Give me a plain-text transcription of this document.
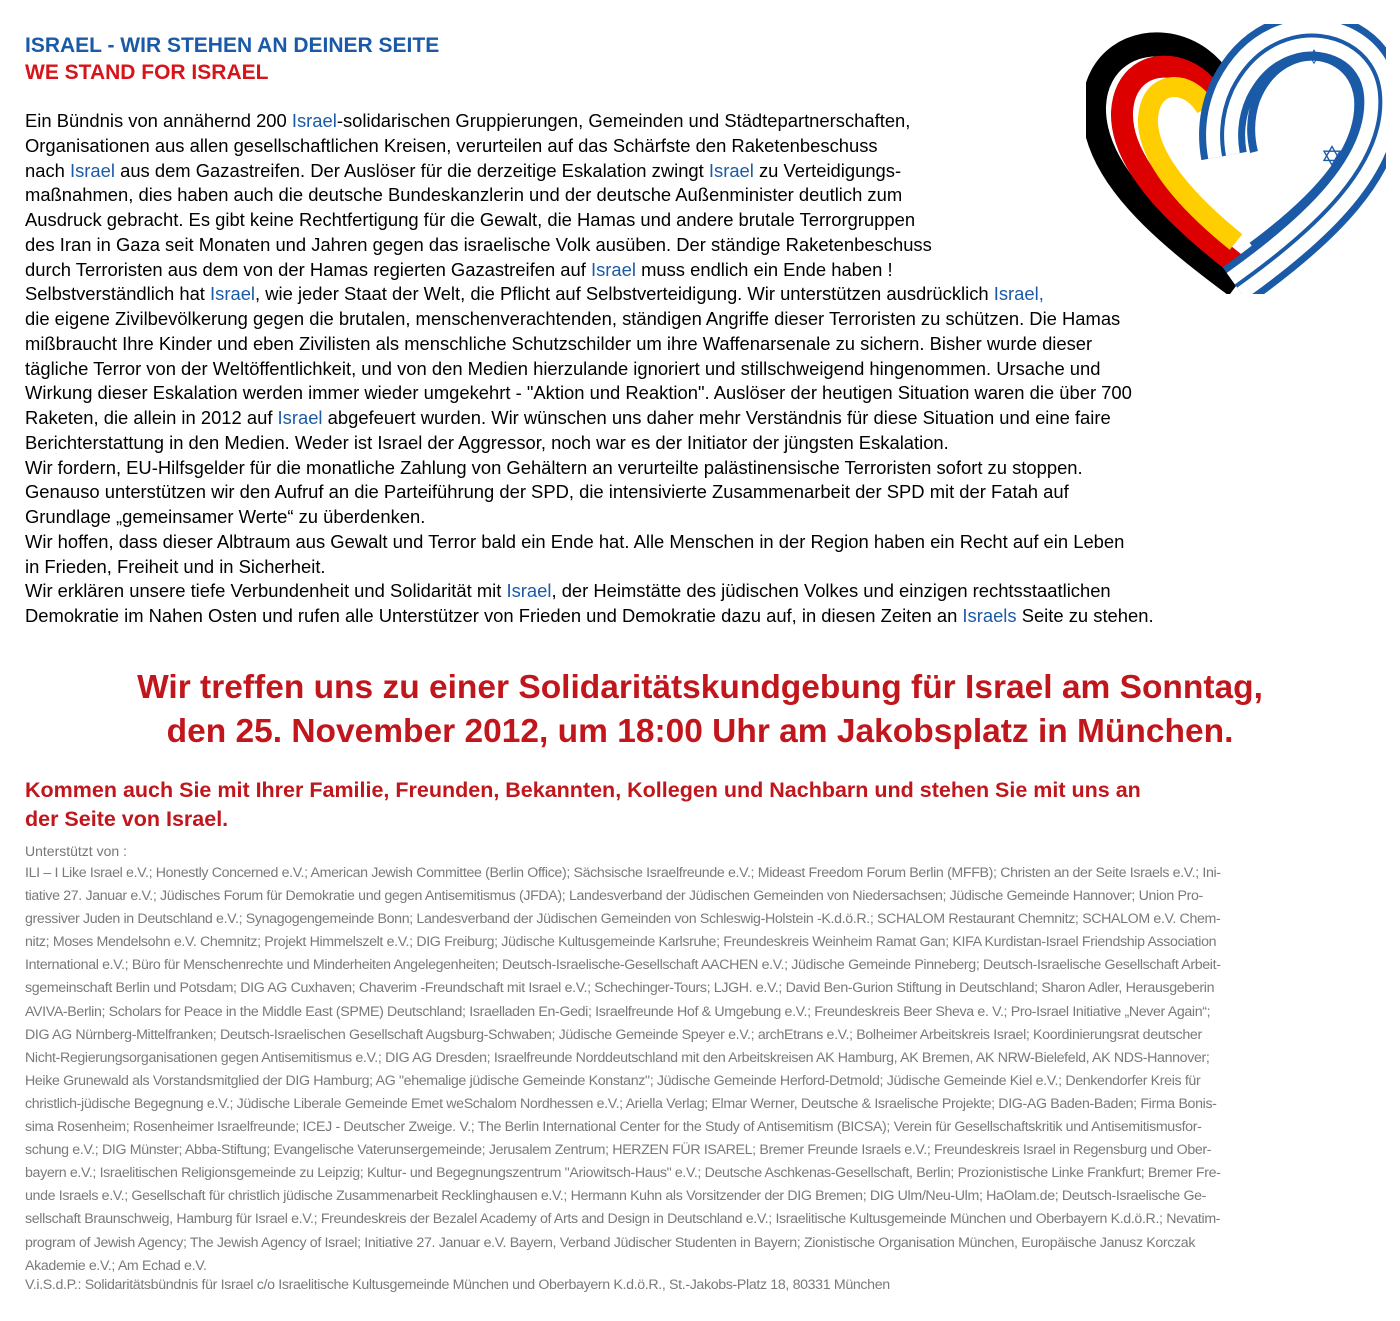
✡
✡
ISRAEL - WIR STEHEN AN DEINER SEITE
WE STAND FOR ISRAEL
Ein Bündnis von annähernd 200 Israel-solidarischen Gruppierungen, Gemeinden und Städtepartnerschaften,
Organisationen aus allen gesellschaftlichen Kreisen, verurteilen auf das Schärfste den Raketenbeschuss
nach Israel aus dem Gazastreifen. Der Auslöser für die derzeitige Eskalation zwingt Israel zu Verteidigungs-
maßnahmen, dies haben auch die deutsche Bundeskanzlerin und der deutsche Außenminister deutlich zum
Ausdruck gebracht. Es gibt keine Rechtfertigung für die Gewalt, die Hamas und andere brutale Terrorgruppen
des Iran in Gaza seit Monaten und Jahren gegen das israelische Volk ausüben. Der ständige Raketenbeschuss
durch Terroristen aus dem von der Hamas regierten Gazastreifen auf Israel muss endlich ein Ende haben !
Selbstverständlich hat Israel, wie jeder Staat der Welt, die Pflicht auf Selbstverteidigung. Wir unterstützen ausdrücklich Israel,
die eigene Zivilbevölkerung gegen die brutalen, menschenverachtenden, ständigen Angriffe dieser Terroristen zu schützen. Die Hamas
mißbraucht Ihre Kinder und eben Zivilisten als menschliche Schutzschilder um ihre Waffenarsenale zu sichern. Bisher wurde dieser
tägliche Terror von der Weltöffentlichkeit, und von den Medien hierzulande ignoriert und stillschweigend hingenommen. Ursache und
Wirkung dieser Eskalation werden immer wieder umgekehrt - "Aktion und Reaktion". Auslöser der heutigen Situation waren die über 700
Raketen, die allein in 2012 auf Israel abgefeuert wurden. Wir wünschen uns daher mehr Verständnis für diese Situation und eine faire
Berichterstattung in den Medien. Weder ist Israel der Aggressor, noch war es der Initiator der jüngsten Eskalation.
Wir fordern, EU-Hilfsgelder für die monatliche Zahlung von Gehältern an verurteilte palästinensische Terroristen sofort zu stoppen.
Genauso unterstützen wir den Aufruf an die Parteiführung der SPD, die intensivierte Zusammenarbeit der SPD mit der Fatah auf
Grundlage „gemeinsamer Werte“ zu überdenken.
Wir hoffen, dass dieser Albtraum aus Gewalt und Terror bald ein Ende hat. Alle Menschen in der Region haben ein Recht auf ein Leben
in Frieden, Freiheit und in Sicherheit.
Wir erklären unsere tiefe Verbundenheit und Solidarität mit Israel, der Heimstätte des jüdischen Volkes und einzigen rechtsstaatlichen
Demokratie im Nahen Osten und rufen alle Unterstützer von Frieden und Demokratie dazu auf, in diesen Zeiten an Israels Seite zu stehen.
Wir treffen uns zu einer Solidaritätskundgebung für Israel am Sonntag,
den 25. November 2012, um 18:00 Uhr am Jakobsplatz in München.
Kommen auch Sie mit Ihrer Familie, Freunden, Bekannten, Kollegen und Nachbarn und stehen Sie mit uns an
der Seite von Israel.
Unterstützt von :
ILI – I Like Israel e.V.; Honestly Concerned e.V.; American Jewish Committee (Berlin Office); Sächsische Israelfreunde e.V.; Mideast Freedom Forum Berlin (MFFB); Christen an der Seite Israels e.V.; Ini-
tiative 27. Januar e.V.; Jüdisches Forum für Demokratie und gegen Antisemitismus (JFDA); Landesverband der Jüdischen Gemeinden von Niedersachsen; Jüdische Gemeinde Hannover; Union Pro-
gressiver Juden in Deutschland e.V.; Synagogengemeinde Bonn; Landesverband der Jüdischen Gemeinden von Schleswig-Holstein -K.d.ö.R.; SCHALOM Restaurant Chemnitz; SCHALOM e.V. Chem-
nitz; Moses Mendelsohn e.V. Chemnitz; Projekt Himmelszelt e.V.; DIG Freiburg; Jüdische Kultusgemeinde Karlsruhe; Freundeskreis Weinheim Ramat Gan; KIFA Kurdistan-Israel Friendship Association
International e.V.; Büro für Menschenrechte und Minderheiten Angelegenheiten; Deutsch-Israelische-Gesellschaft AACHEN e.V.; Jüdische Gemeinde Pinneberg; Deutsch-Israelische Gesellschaft Arbeit-
sgemeinschaft Berlin und Potsdam; DIG AG Cuxhaven; Chaverim -Freundschaft mit Israel e.V.; Schechinger-Tours; LJGH. e.V.; David Ben-Gurion Stiftung in Deutschland; Sharon Adler, Herausgeberin
AVIVA-Berlin; Scholars for Peace in the Middle East (SPME) Deutschland; Israelladen En-Gedi; Israelfreunde Hof & Umgebung e.V.; Freundeskreis Beer Sheva e. V.; Pro-Israel Initiative „Never Again“;
DIG AG Nürnberg-Mittelfranken; Deutsch-Israelischen Gesellschaft Augsburg-Schwaben; Jüdische Gemeinde Speyer e.V.; archEtrans e.V.; Bolheimer Arbeitskreis Israel; Koordinierungsrat deutscher
Nicht-Regierungsorganisationen gegen Antisemitismus e.V.; DIG AG Dresden; Israelfreunde Norddeutschland mit den Arbeitskreisen AK Hamburg, AK Bremen, AK NRW-Bielefeld, AK NDS-Hannover;
Heike Grunewald als Vorstandsmitglied der DIG Hamburg; AG "ehemalige jüdische Gemeinde Konstanz"; Jüdische Gemeinde Herford-Detmold; Jüdische Gemeinde Kiel e.V.; Denkendorfer Kreis für
christlich-jüdische Begegnung e.V.; Jüdische Liberale Gemeinde Emet weSchalom Nordhessen e.V.; Ariella Verlag; Elmar Werner, Deutsche & Israelische Projekte; DIG-AG Baden-Baden; Firma Bonis-
sima Rosenheim; Rosenheimer Israelfreunde; ICEJ - Deutscher Zweige. V.; The Berlin International Center for the Study of Antisemitism (BICSA); Verein für Gesellschaftskritik und Antisemitismusfor-
schung e.V.; DIG Münster; Abba-Stiftung; Evangelische Vaterunsergemeinde; Jerusalem Zentrum; HERZEN FÜR ISAREL; Bremer Freunde Israels e.V.; Freundeskreis Israel in Regensburg und Ober-
bayern e.V.; Israelitischen Religionsgemeinde zu Leipzig; Kultur- und Begegnungszentrum "Ariowitsch-Haus" e.V.; Deutsche Aschkenas-Gesellschaft, Berlin; Prozionistische Linke Frankfurt; Bremer Fre-
unde Israels e.V.; Gesellschaft für christlich jüdische Zusammenarbeit Recklinghausen e.V.; Hermann Kuhn als Vorsitzender der DIG Bremen; DIG Ulm/Neu-Ulm; HaOlam.de; Deutsch-Israelische Ge-
sellschaft Braunschweig, Hamburg für Israel e.V.; Freundeskreis der Bezalel Academy of Arts and Design in Deutschland e.V.; Israelitische Kultusgemeinde München und Oberbayern K.d.ö.R.; Nevatim-
program of Jewish Agency; The Jewish Agency of Israel; Initiative 27. Januar e.V. Bayern, Verband Jüdischer Studenten in Bayern; Zionistische Organisation München, Europäische Janusz Korczak
Akademie e.V.; Am Echad e.V.
V.i.S.d.P.: Solidaritätsbündnis für Israel c/o Israelitische Kultusgemeinde München und Oberbayern K.d.ö.R., St.-Jakobs-Platz 18, 80331 München
